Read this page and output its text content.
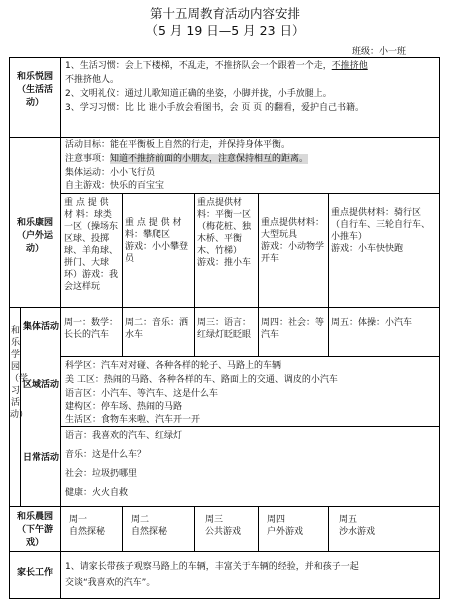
第十五周教育活动内容安排
（5 月 19 日—5 月 23 日）
班级：小一班
和乐悦园（生活活动）
1、生活习惯：会上下楼梯，不乱走，不推挤队会一个跟着一个走，不推挤他
不推挤他人。
2、文明礼仪：通过儿歌知道正确的坐姿，小脚并拢，小手放腿上。
3、学习习惯：比 比 谁小手放会看图书，会 页 页 的翻看，爱护自己书籍。
和乐康园（户外运动）
活动目标：能在平衡板上自然的行走，并保持身体平衡。
注意事项：知道不推挤前面的小朋友，注意保持相互的距离。
集体运动：小小飞行员
自主游戏：快乐的百宝宝
重 点 提 供 材 料：球类一区（操场东区球、投掷球、羊角球、拼门、大球环）游戏：我会这样玩
重 点 提 供 材 料：攀爬区
游戏：小小攀登员
重点提供材料：平衡一区（梅花桩、独木桥、平衡木、竹梯）
游戏：推小车
重点提供材料：大型玩具
游戏：小动物学开车
重点提供材料：骑行区（自行车、三轮自行车、小推车）
游戏：小车快快跑
和乐学园（学习活动）
集体活动 周一：数学：长长的汽车
周二：音乐：洒水车
周三：语言：红绿灯眨眨眼
周四：社会：等汽车
周五：体操：小汽车
区域活动
科学区：汽车对对碰、各种各样的轮子、马路上的车辆
美 工区：热闹的马路、各种各样的车、路面上的交通、调皮的小汽车
语言区：小汽车、等汽车、这是什么车
建构区：停车场、热闹的马路
生活区：食物车来啦、汽车开一开
日常活动
语言：我喜欢的汽车、红绿灯
音乐：这是什么车？
社会：垃圾扔哪里
健康：火火自救
和乐晨园（下午游戏）
周一
自然探秘
周二
自然探秘
周三
公共游戏
周四
户外游戏
周五
沙水游戏
家长工作
1、请家长带孩子观察马路上的车辆，丰富关于车辆的经验，并和孩子一起
交谈“我喜欢的汽车”。
